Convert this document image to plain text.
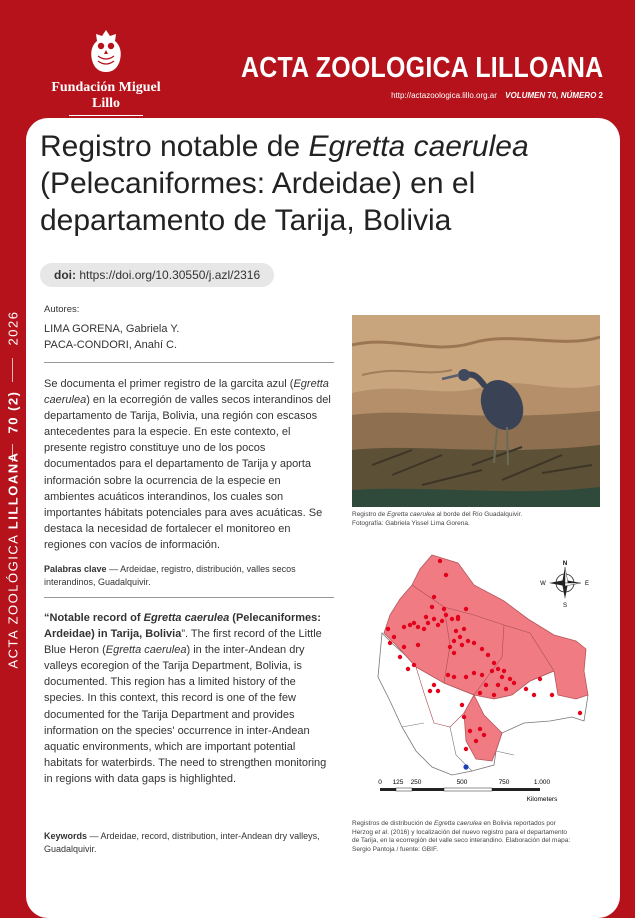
Fundación Miguel Lillo
ACTA ZOOLOGICA LILLOANA
http://actazoologica.lillo.org.ar VOLUMEN 70, NÚMERO 2
2026
70 (2)
ACTA ZOOLÓGICA LILLOANA
Registro notable de Egretta caerulea
(Pelecaniformes: Ardeidae) en el
departamento de Tarija, Bolivia
doi: https://doi.org/10.30550/j.azl/2316
Autores:
LIMA GORENA, Gabriela Y.
PACA-CONDORI, Anahí C.
Se documenta el primer registro de la garcita azul (Egretta caerulea) en la ecorregión de valles secos interandinos del departamento de Tarija, Bolivia, una región con escasos antecedentes para la especie. En este contexto, el presente registro constituye uno de los pocos documentados para el departamento de Tarija y aporta información sobre la ocurrencia de la especie en ambientes acuáticos interandinos, los cuales son importantes hábitats potenciales para aves acuáticas. Se destaca la necesidad de fortalecer el monitoreo en regiones con vacíos de información.
Palabras clave — Ardeidae, registro, distribución, valles secos interandinos, Guadalquivir.
“Notable record of Egretta caerulea (Pelecaniformes: Ardeidae) in Tarija, Bolivia”. The first record of the Little Blue Heron (Egretta caerulea) in the inter-Andean dry valleys ecoregion of the Tarija Department, Bolivia, is documented. This region has a limited history of the species. In this context, this record is one of the few documented for the Tarija Department and provides information on the species' occurrence in inter-Andean aquatic environments, which are important potential habitats for waterbirds. The need to strengthen monitoring in regions with data gaps is highlighted.
Keywords — Ardeidae, record, distribution, inter-Andean dry valleys, Guadalquivir.
Registro de Egretta caerulea al borde del Río Guadalquivir.
Fotografía: Gabriela Yissel Lima Gorena.
N
S
E
W
0 125 250	500	750	1.000
Kilometers
Registros de distribución de Egretta caerulea en Bolivia reportados por
Herzog et al. (2016) y localización del nuevo registro para el departamento
de Tarija, en la ecorregión del valle seco interandino. Elaboración del mapa:
Sergio Pantoja / fuente: GBIF.
